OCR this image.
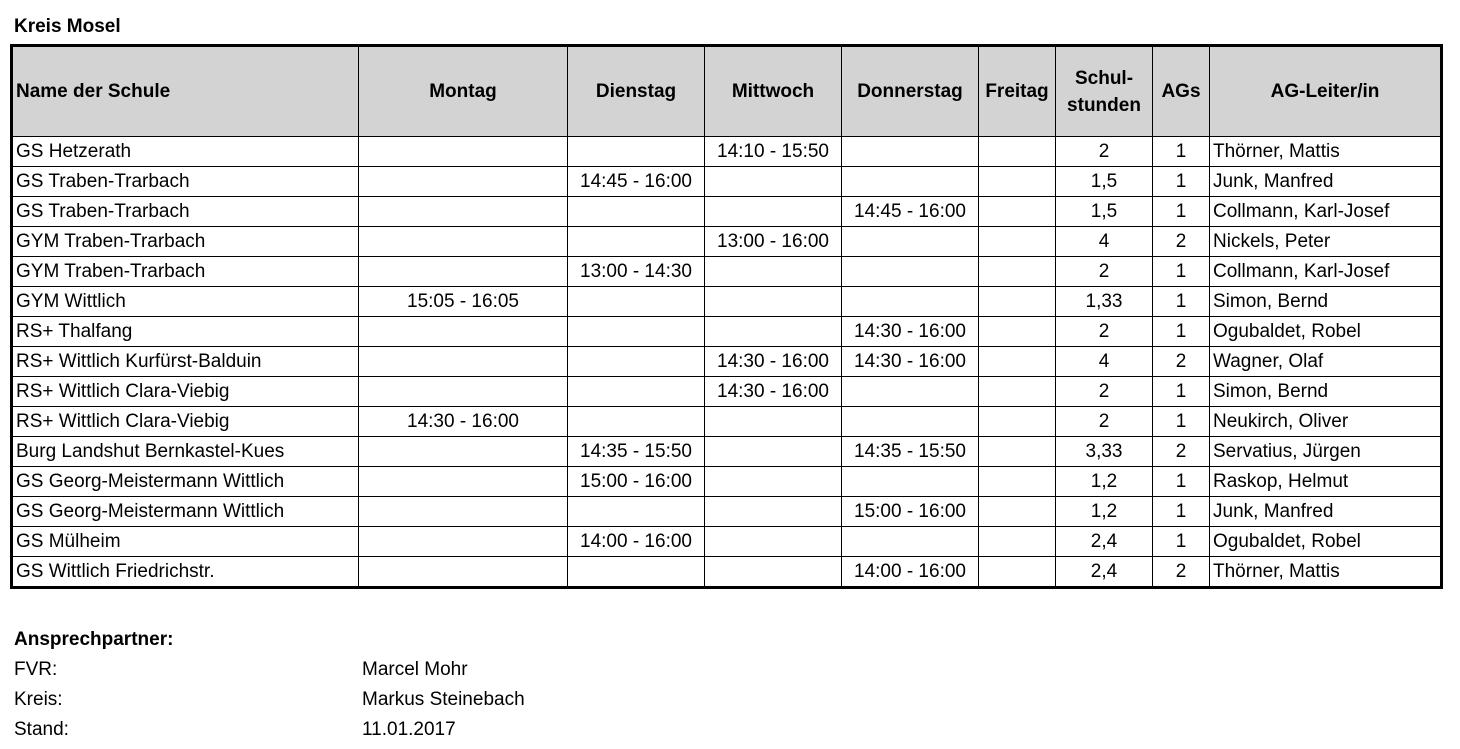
Kreis Mosel
Name der Schule	Montag	Dienstag	Mittwoch	Donnerstag	Freitag	Schul-
stunden	AGs	AG-Leiter/in
GS Hetzerath			14:10 - 15:50			2	1	Thörner, Mattis
GS Traben-Trarbach		14:45 - 16:00				1,5	1	Junk, Manfred
GS Traben-Trarbach				14:45 - 16:00		1,5	1	Collmann, Karl-Josef
GYM Traben-Trarbach			13:00 - 16:00			4	2	Nickels, Peter
GYM Traben-Trarbach		13:00 - 14:30				2	1	Collmann, Karl-Josef
GYM Wittlich	15:05 - 16:05					1,33	1	Simon, Bernd
RS+ Thalfang				14:30 - 16:00		2	1	Ogubaldet, Robel
RS+ Wittlich Kurfürst-Balduin			14:30 - 16:00	14:30 - 16:00		4	2	Wagner, Olaf
RS+ Wittlich Clara-Viebig			14:30 - 16:00			2	1	Simon, Bernd
RS+ Wittlich Clara-Viebig	14:30 - 16:00					2	1	Neukirch, Oliver
Burg Landshut Bernkastel-Kues		14:35 - 15:50		14:35 - 15:50		3,33	2	Servatius, Jürgen
GS Georg-Meistermann Wittlich		15:00 - 16:00				1,2	1	Raskop, Helmut
GS Georg-Meistermann Wittlich				15:00 - 16:00		1,2	1	Junk, Manfred
GS Mülheim		14:00 - 16:00				2,4	1	Ogubaldet, Robel
GS Wittlich Friedrichstr.				14:00 - 16:00		2,4	2	Thörner, Mattis
Ansprechpartner:
FVR:	Marcel Mohr
Kreis:	Markus Steinebach
Stand:	11.01.2017
